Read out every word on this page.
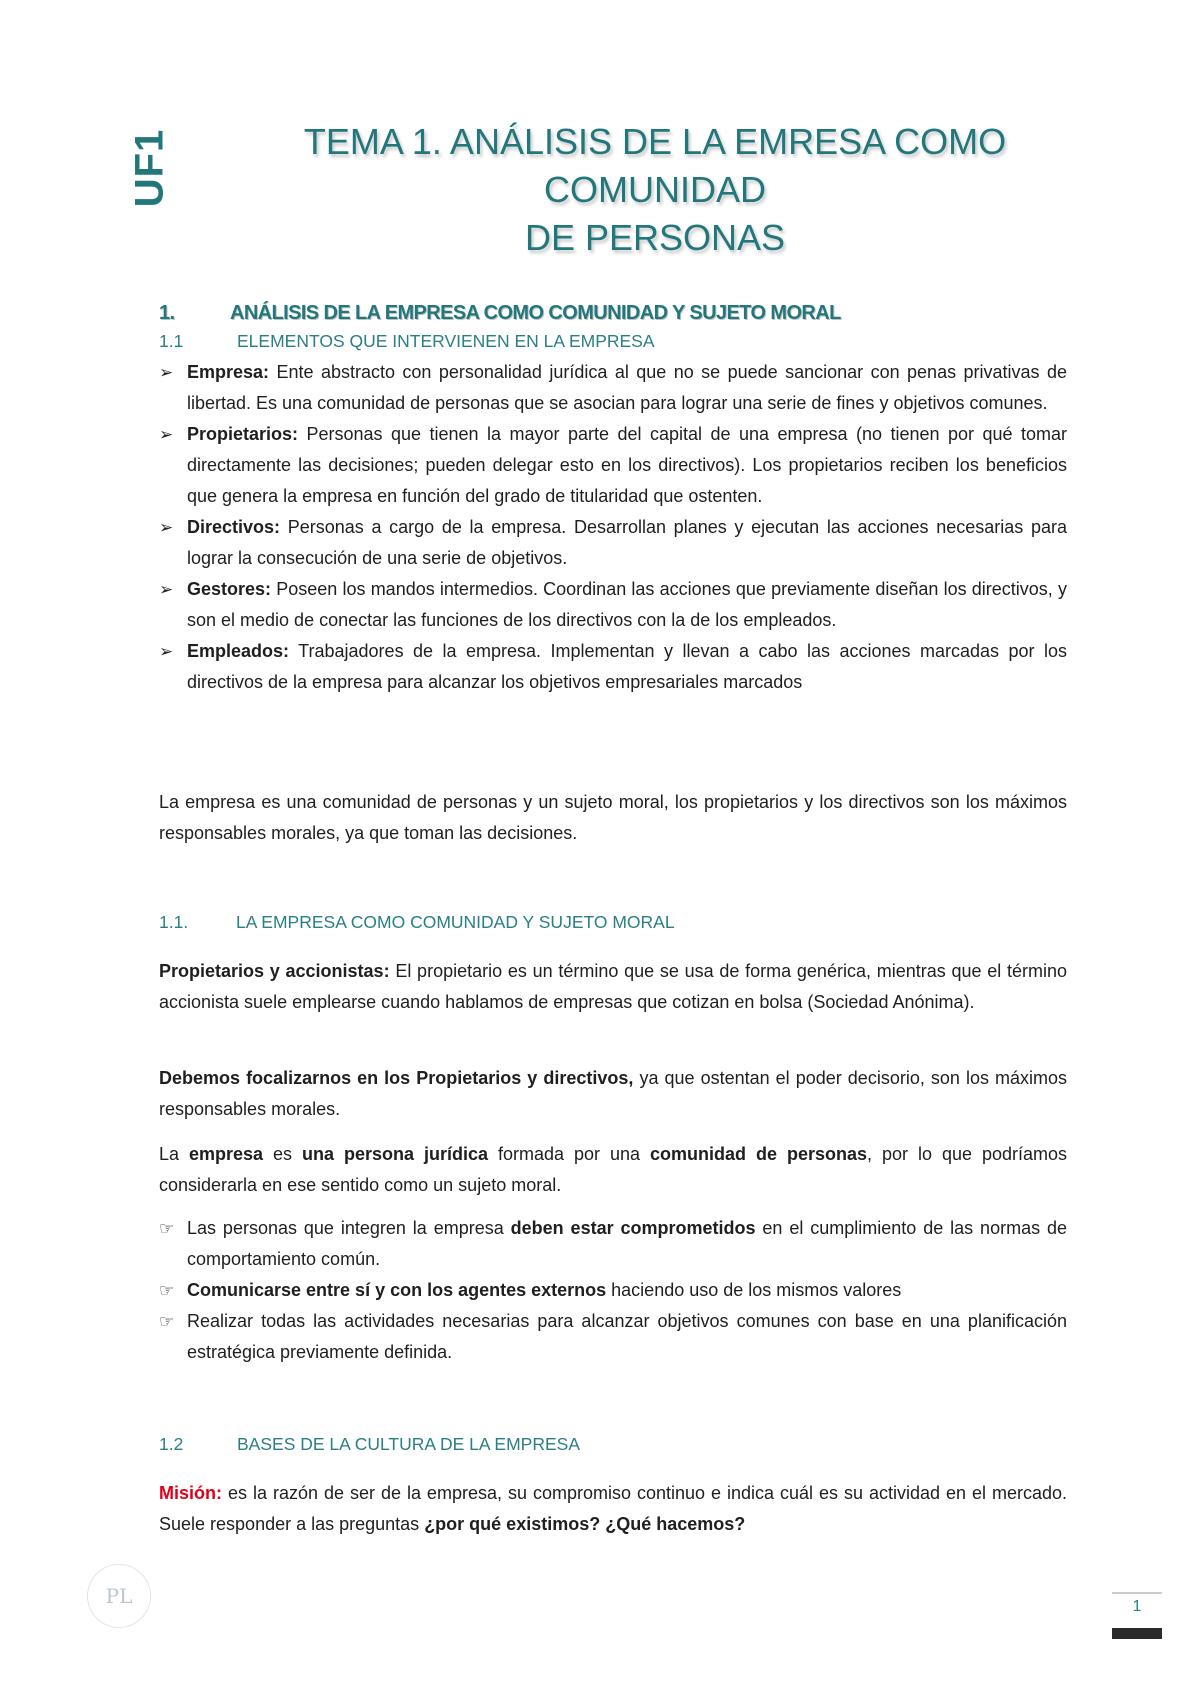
UF1	TEMA 1. ANÁLISIS DE LA EMRESA COMO COMUNIDAD
DE PERSONAS
1.	ANÁLISIS DE LA EMPRESA COMO COMUNIDAD Y SUJETO MORAL
1.1	ELEMENTOS QUE INTERVIENEN EN LA EMPRESA
➢ Empresa: Ente abstracto con personalidad jurídica al que no se puede sancionar con penas privativas de libertad. Es una comunidad de personas que se asocian para lograr una serie de fines y objetivos comunes.
➢ Propietarios: Personas que tienen la mayor parte del capital de una empresa (no tienen por qué tomar directamente las decisiones; pueden delegar esto en los directivos). Los propietarios reciben los beneficios que genera la empresa en función del grado de titularidad que ostenten.
➢ Directivos: Personas a cargo de la empresa. Desarrollan planes y ejecutan las acciones necesarias para lograr la consecución de una serie de objetivos.
➢ Gestores: Poseen los mandos intermedios. Coordinan las acciones que previamente diseñan los directivos, y son el medio de conectar las funciones de los directivos con la de los empleados.
➢ Empleados: Trabajadores de la empresa. Implementan y llevan a cabo las acciones marcadas por los directivos de la empresa para alcanzar los objetivos empresariales marcados
La empresa es una comunidad de personas y un sujeto moral, los propietarios y los directivos son los máximos responsables morales, ya que toman las decisiones.
1.1.	LA EMPRESA COMO COMUNIDAD Y SUJETO MORAL
Propietarios y accionistas: El propietario es un término que se usa de forma genérica, mientras que el término accionista suele emplearse cuando hablamos de empresas que cotizan en bolsa (Sociedad Anónima).
Debemos focalizarnos en los Propietarios y directivos, ya que ostentan el poder decisorio, son los máximos responsables morales.
La empresa es una persona jurídica formada por una comunidad de personas, por lo que podríamos considerarla en ese sentido como un sujeto moral.
☞ Las personas que integren la empresa deben estar comprometidos en el cumplimiento de las normas de comportamiento común.
☞ Comunicarse entre sí y con los agentes externos haciendo uso de los mismos valores
☞ Realizar todas las actividades necesarias para alcanzar objetivos comunes con base en una planificación estratégica previamente definida.
1.2	BASES DE LA CULTURA DE LA EMPRESA
Misión: es la razón de ser de la empresa, su compromiso continuo e indica cuál es su actividad en el mercado. Suele responder a las preguntas ¿por qué existimos? ¿Qué hacemos?
PL	1
